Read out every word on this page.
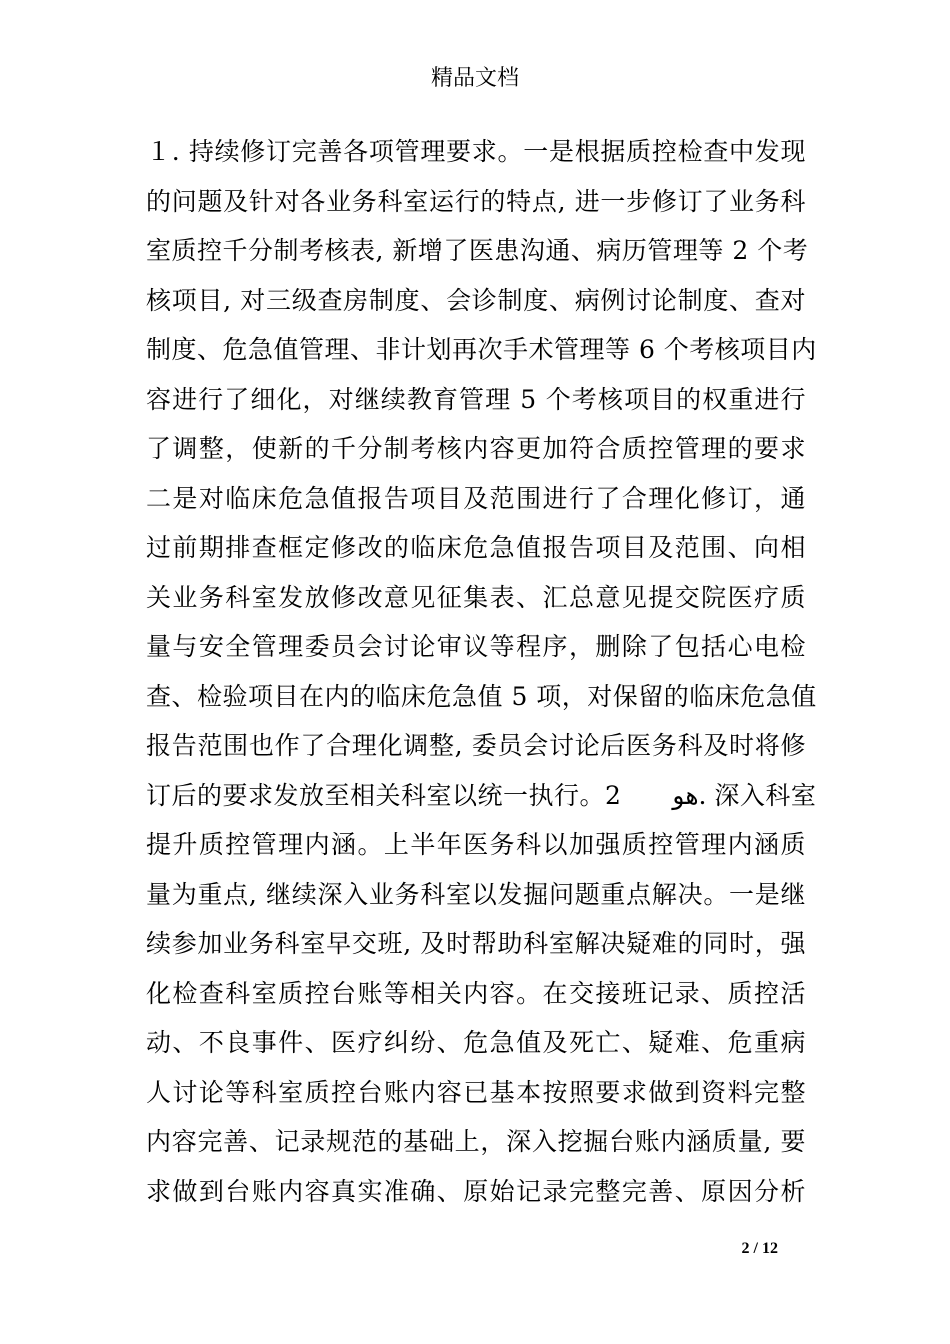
精品文档
１. 持续修订完善各项管理要求。一是根据质控检查中发现
的问题及针对各业务科室运行的特点, 进一步修订了业务科
室质控千分制考核表, 新增了医患沟通、病历管理等 2 个考
核项目, 对三级查房制度、会诊制度、病例讨论制度、查对
制度、危急值管理、非计划再次手术管理等 6 个考核项目内
容进行了细化，对继续教育管理 5 个考核项目的权重进行
了调整，使新的千分制考核内容更加符合质控管理的要求
二是对临床危急值报告项目及范围进行了合理化修订，通
过前期排查框定修改的临床危急值报告项目及范围、向相
关业务科室发放修改意见征集表、汇总意见提交院医疗质
量与安全管理委员会讨论审议等程序，删除了包括心电检
查、检验项目在内的临床危急值 5 项，对保留的临床危急值
报告范围也作了合理化调整, 委员会讨论后医务科及时将修
订后的要求发放至相关科室以统一执行。2　　هو. 深入科室
提升质控管理内涵。上半年医务科以加强质控管理内涵质
量为重点, 继续深入业务科室以发掘问题重点解决。一是继
续参加业务科室早交班, 及时帮助科室解决疑难的同时，强
化检查科室质控台账等相关内容。在交接班记录、质控活
动、不良事件、医疗纠纷、危急值及死亡、疑难、危重病
人讨论等科室质控台账内容已基本按照要求做到资料完整
内容完善、记录规范的基础上，深入挖掘台账内涵质量, 要
求做到台账内容真实准确、原始记录完整完善、原因分析
2 / 12
